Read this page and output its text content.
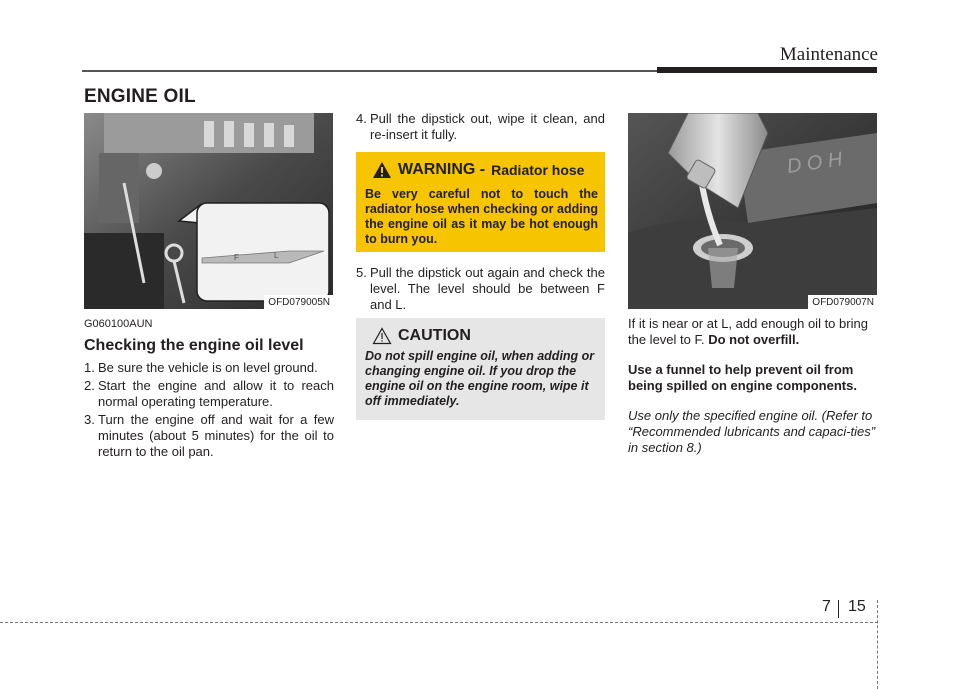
Maintenance
ENGINE OIL
F	L
OFD079005N
G060100AUN
Checking the engine oil level
1. Be sure the vehicle is on level ground.
2. Start the engine and allow it to reach normal operating temperature.
3. Turn the engine off and wait for a few minutes (about 5 minutes) for the oil to return to the oil pan.
4. Pull the dipstick out, wipe it clean, and re-insert it fully.
WARNING - Radiator hose
Be very careful not to touch the radiator hose when checking or adding the engine oil as it may be hot enough to burn you.
5. Pull the dipstick out again and check the level. The level should be between F and L.
CAUTION
Do not spill engine oil, when adding or changing engine oil. If you drop the engine oil on the engine room, wipe it off immediately.
D O H
OFD079007N
If it is near or at L, add enough oil to bring the level to F. Do not overfill.
Use a funnel to help prevent oil from being spilled on engine components.
Use only the specified engine oil. (Refer to “Recommended lubricants and capaci-ties” in section 8.)
7 15
